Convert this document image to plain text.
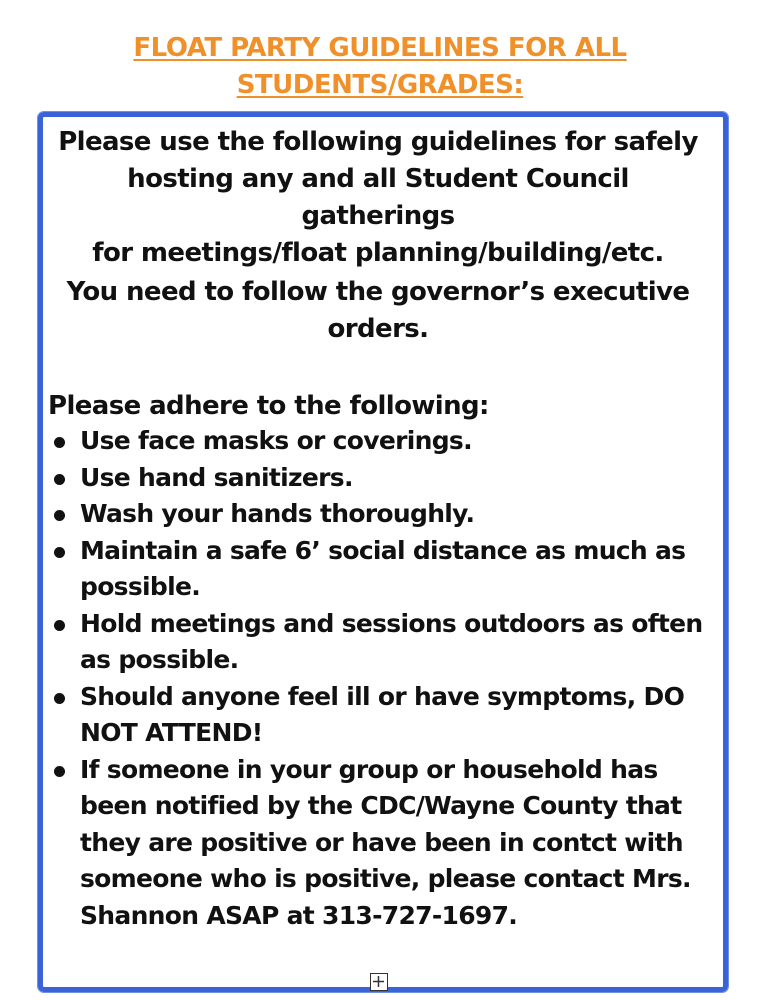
FLOAT PARTY GUIDELINES FOR ALL
STUDENTS/GRADES:

Please use the following guidelines for safely
hosting any and all Student Council gatherings
for meetings/float planning/building/etc.

You need to follow the governor’s executive
orders.

Please adhere to the following:

Use face masks or coverings.
Use hand sanitizers.
Wash your hands thoroughly.
Maintain a safe 6’ social distance as much as possible.
Hold meetings and sessions outdoors as often as possible.
Should anyone feel ill or have symptoms, DO NOT ATTEND!
If someone in your group or household has been notified by the CDC/Wayne County that they are positive or have been in contct with someone who is positive, please contact Mrs. Shannon ASAP at 313-727-1697.
